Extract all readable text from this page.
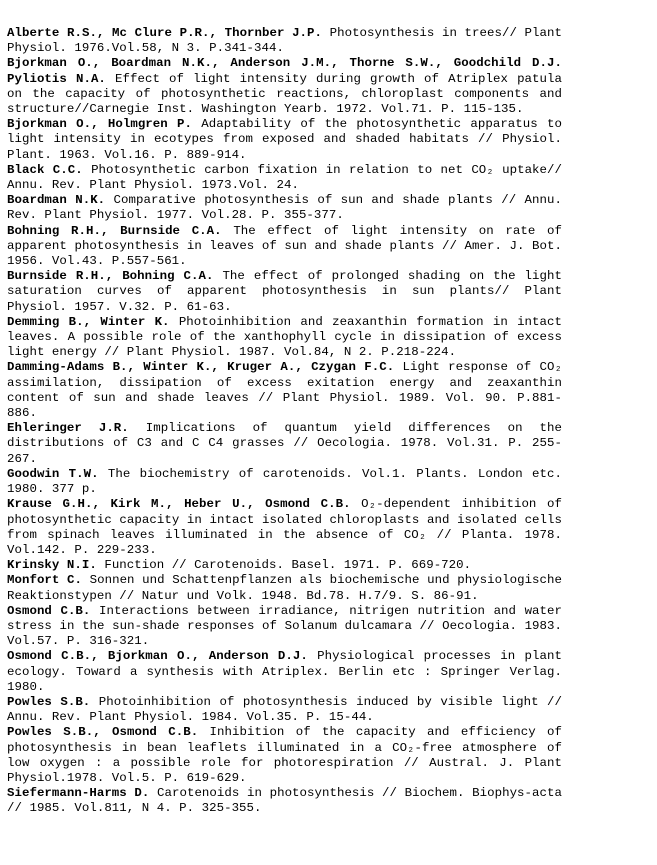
Alberte R.S., Mc Clure P.R., Thornber J.P. Photosynthesis in trees// Plant Physiol. 1976.Vol.58, N 3. P.341-344.

Bjorkman O., Boardman N.K., Anderson J.M., Thorne S.W., Goodchild D.J. Pyliotis N.A. Effect of light intensity during growth of Atriplex patula on the capacity of photosynthetic reactions, chloroplast components and structure//Carnegie Inst. Washington Yearb. 1972. Vol.71. P. 115-135.

Bjorkman O., Holmgren P. Adaptability of the photosynthetic apparatus to light intensity in ecotypes from exposed and shaded habitats // Physiol. Plant. 1963. Vol.16. P. 889-914.

Black C.C. Photosynthetic carbon fixation in relation to net CO₂ uptake// Annu. Rev. Plant Physiol. 1973.Vol. 24.

Boardman N.K. Comparative photosynthesis of sun and shade plants // Annu. Rev. Plant Physiol. 1977. Vol.28. P. 355-377.

Bohning R.H., Burnside C.A. The effect of light intensity on rate of apparent photosynthesis in leaves of sun and shade plants // Amer. J. Bot. 1956. Vol.43. P.557-561.

Burnside R.H., Bohning C.A. The effect of prolonged shading on the light saturation curves of apparent photosynthesis in sun plants// Plant Physiol. 1957. V.32. P. 61-63.

Demming B., Winter K. Photoinhibition and zeaxanthin formation in intact leaves. A possible role of the xanthophyll cycle in dissipation of excess light energy // Plant Physiol. 1987. Vol.84, N 2. P.218-224.

Damming-Adams B., Winter K., Kruger A., Czygan F.C. Light response of CO₂ assimilation, dissipation of excess exitation energy and zeaxanthin content of sun and shade leaves // Plant Physiol. 1989. Vol. 90. P.881-886.

Ehleringer J.R. Implications of quantum yield differences on the distributions of C3 and C C4 grasses // Oecologia. 1978. Vol.31. P. 255-267.

Goodwin T.W. The biochemistry of carotenoids. Vol.1. Plants. London etc. 1980. 377 p.

Krause G.H., Kirk M., Heber U., Osmond C.B. O₂-dependent inhibition of photosynthetic capacity in intact isolated chloroplasts and isolated cells from spinach leaves illuminated in the absence of CO₂ // Planta. 1978. Vol.142. P. 229-233.

Krinsky N.I. Function // Carotenoids. Basel. 1971. P. 669-720.

Monfort C. Sonnen und Schattenpflanzen als biochemische und physiologische Reaktionstypen // Natur und Volk. 1948. Bd.78. H.7/9. S. 86-91.

Osmond C.B. Interactions between irradiance, nitrigen nutrition and water stress in the sun-shade responses of Solanum dulcamara // Oecologia. 1983. Vol.57. P. 316-321.

Osmond C.B., Bjorkman O., Anderson D.J. Physiological processes in plant ecology. Toward a synthesis with Atriplex. Berlin etc : Springer Verlag. 1980.

Powles S.B. Photoinhibition of photosynthesis induced by visible light // Annu. Rev. Plant Physiol. 1984. Vol.35. P. 15-44.

Powles S.B., Osmond C.B. Inhibition of the capacity and efficiency of photosynthesis in bean leaflets illuminated in a CO₂-free atmosphere of low oxygen : a possible role for photorespiration // Austral. J. Plant Physiol.1978. Vol.5. P. 619-629.

Siefermann-Harms D. Carotenoids in photosynthesis // Biochem. Biophys-acta // 1985. Vol.811, N 4. P. 325-355.
